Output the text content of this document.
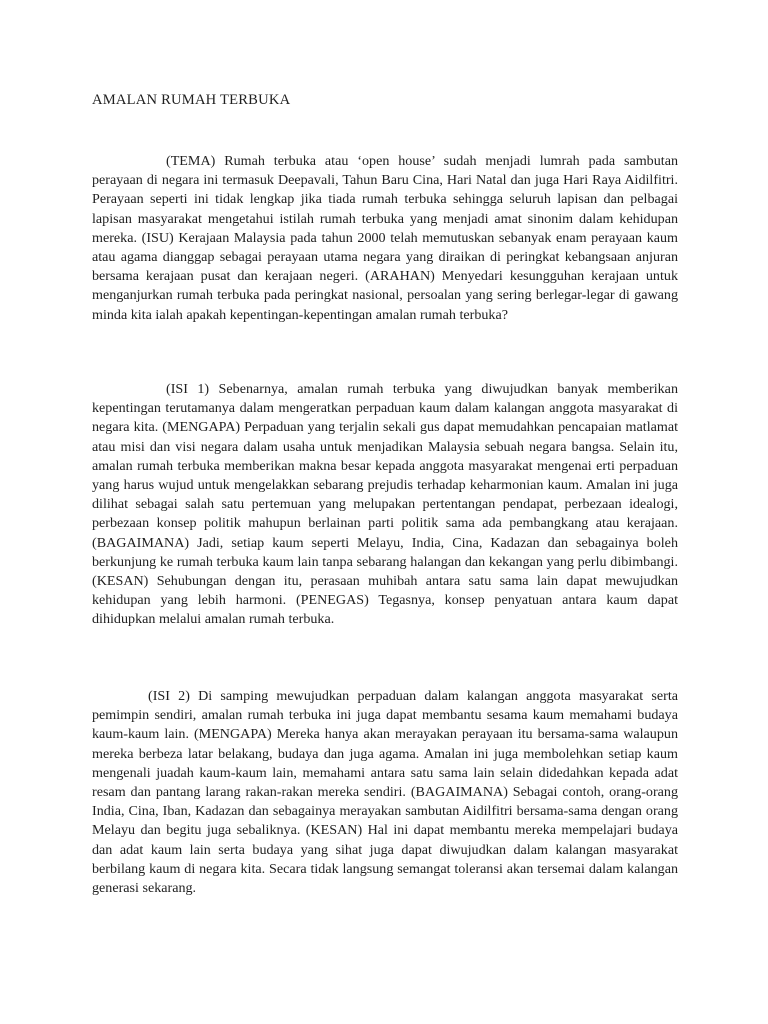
AMALAN RUMAH TERBUKA

(TEMA) Rumah terbuka atau ‘open house’ sudah menjadi lumrah pada sambutan perayaan di negara ini termasuk Deepavali, Tahun Baru Cina, Hari Natal dan juga Hari Raya Aidilfitri. Perayaan seperti ini tidak lengkap jika tiada rumah terbuka sehingga seluruh lapisan dan pelbagai lapisan masyarakat mengetahui istilah rumah terbuka yang menjadi amat sinonim dalam kehidupan mereka. (ISU) Kerajaan Malaysia pada tahun 2000 telah memutuskan sebanyak enam perayaan kaum atau agama dianggap sebagai perayaan utama negara yang diraikan di peringkat kebangsaan anjuran bersama kerajaan pusat dan kerajaan negeri. (ARAHAN) Menyedari kesungguhan kerajaan untuk menganjurkan rumah terbuka pada peringkat nasional, persoalan yang sering berlegar-legar di gawang minda kita ialah apakah kepentingan-kepentingan amalan rumah terbuka?

(ISI 1) Sebenarnya, amalan rumah terbuka yang diwujudkan banyak memberikan kepentingan terutamanya dalam mengeratkan perpaduan kaum dalam kalangan anggota masyarakat di negara kita. (MENGAPA) Perpaduan yang terjalin sekali gus dapat memudahkan pencapaian matlamat atau misi dan visi negara dalam usaha untuk menjadikan Malaysia sebuah negara bangsa. Selain itu, amalan rumah terbuka memberikan makna besar kepada anggota masyarakat mengenai erti perpaduan yang harus wujud untuk mengelakkan sebarang prejudis terhadap keharmonian kaum. Amalan ini juga dilihat sebagai salah satu pertemuan yang melupakan pertentangan pendapat, perbezaan idealogi, perbezaan konsep politik mahupun berlainan parti politik sama ada pembangkang atau kerajaan. (BAGAIMANA) Jadi, setiap kaum seperti Melayu, India, Cina, Kadazan dan sebagainya boleh berkunjung ke rumah terbuka kaum lain tanpa sebarang halangan dan kekangan yang perlu dibimbangi. (KESAN) Sehubungan dengan itu, perasaan muhibah antara satu sama lain dapat mewujudkan kehidupan yang lebih harmoni. (PENEGAS) Tegasnya, konsep penyatuan antara kaum dapat dihidupkan melalui amalan rumah terbuka.

(ISI 2) Di samping mewujudkan perpaduan dalam kalangan anggota masyarakat serta pemimpin sendiri, amalan rumah terbuka ini juga dapat membantu sesama kaum memahami budaya kaum-kaum lain. (MENGAPA) Mereka hanya akan merayakan perayaan itu bersama-sama walaupun mereka berbeza latar belakang, budaya dan juga agama. Amalan ini juga membolehkan setiap kaum mengenali juadah kaum-kaum lain, memahami antara satu sama lain selain didedahkan kepada adat resam dan pantang larang rakan-rakan mereka sendiri. (BAGAIMANA) Sebagai contoh, orang-orang India, Cina, Iban, Kadazan dan sebagainya merayakan sambutan Aidilfitri bersama-sama dengan orang Melayu dan begitu juga sebaliknya. (KESAN) Hal ini dapat membantu mereka mempelajari budaya dan adat kaum lain serta budaya yang sihat juga dapat diwujudkan dalam kalangan masyarakat berbilang kaum di negara kita. Secara tidak langsung semangat toleransi akan tersemai dalam kalangan generasi sekarang.
